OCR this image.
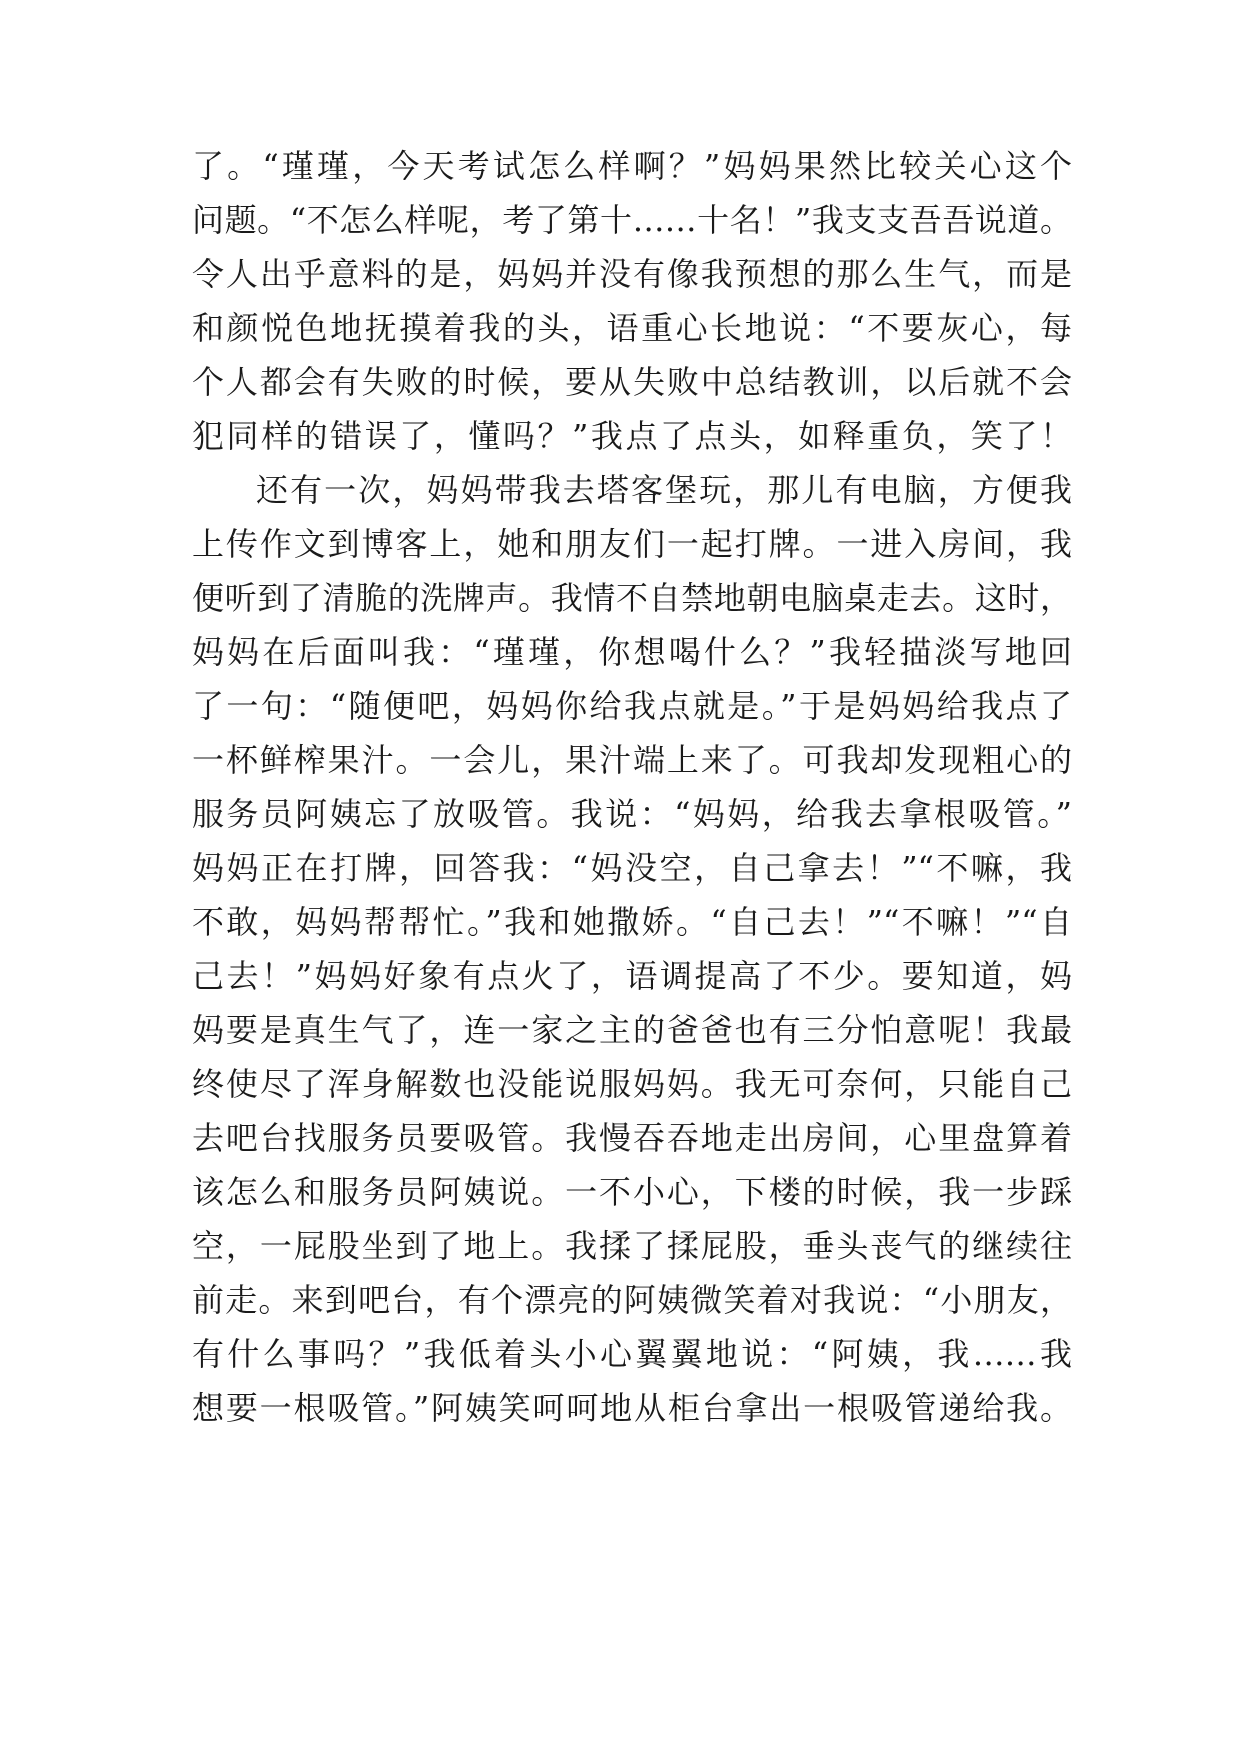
了。“瑾瑾，今天考试怎么样啊？”妈妈果然比较关心这个
问题。“不怎么样呢，考了第十……十名！”我支支吾吾说道。
令人出乎意料的是，妈妈并没有像我预想的那么生气，而是
和颜悦色地抚摸着我的头，语重心长地说：“不要灰心，每
个人都会有失败的时候，要从失败中总结教训，以后就不会
犯同样的错误了，懂吗？”我点了点头，如释重负，笑了！
还有一次，妈妈带我去塔客堡玩，那儿有电脑，方便我
上传作文到博客上，她和朋友们一起打牌。一进入房间，我
便听到了清脆的洗牌声。我情不自禁地朝电脑桌走去。这时，
妈妈在后面叫我：“瑾瑾，你想喝什么？”我轻描淡写地回
了一句：“随便吧，妈妈你给我点就是。”于是妈妈给我点了
一杯鲜榨果汁。一会儿，果汁端上来了。可我却发现粗心的
服务员阿姨忘了放吸管。我说：“妈妈，给我去拿根吸管。”
妈妈正在打牌，回答我：“妈没空，自己拿去！”“不嘛，我
不敢，妈妈帮帮忙。”我和她撒娇。“自己去！”“不嘛！”“自
己去！”妈妈好象有点火了，语调提高了不少。要知道，妈
妈要是真生气了，连一家之主的爸爸也有三分怕意呢！我最
终使尽了浑身解数也没能说服妈妈。我无可奈何，只能自己
去吧台找服务员要吸管。我慢吞吞地走出房间，心里盘算着
该怎么和服务员阿姨说。一不小心，下楼的时候，我一步踩
空，一屁股坐到了地上。我揉了揉屁股，垂头丧气的继续往
前走。来到吧台，有个漂亮的阿姨微笑着对我说：“小朋友，
有什么事吗？”我低着头小心翼翼地说：“阿姨，我……我
想要一根吸管。”阿姨笑呵呵地从柜台拿出一根吸管递给我。
